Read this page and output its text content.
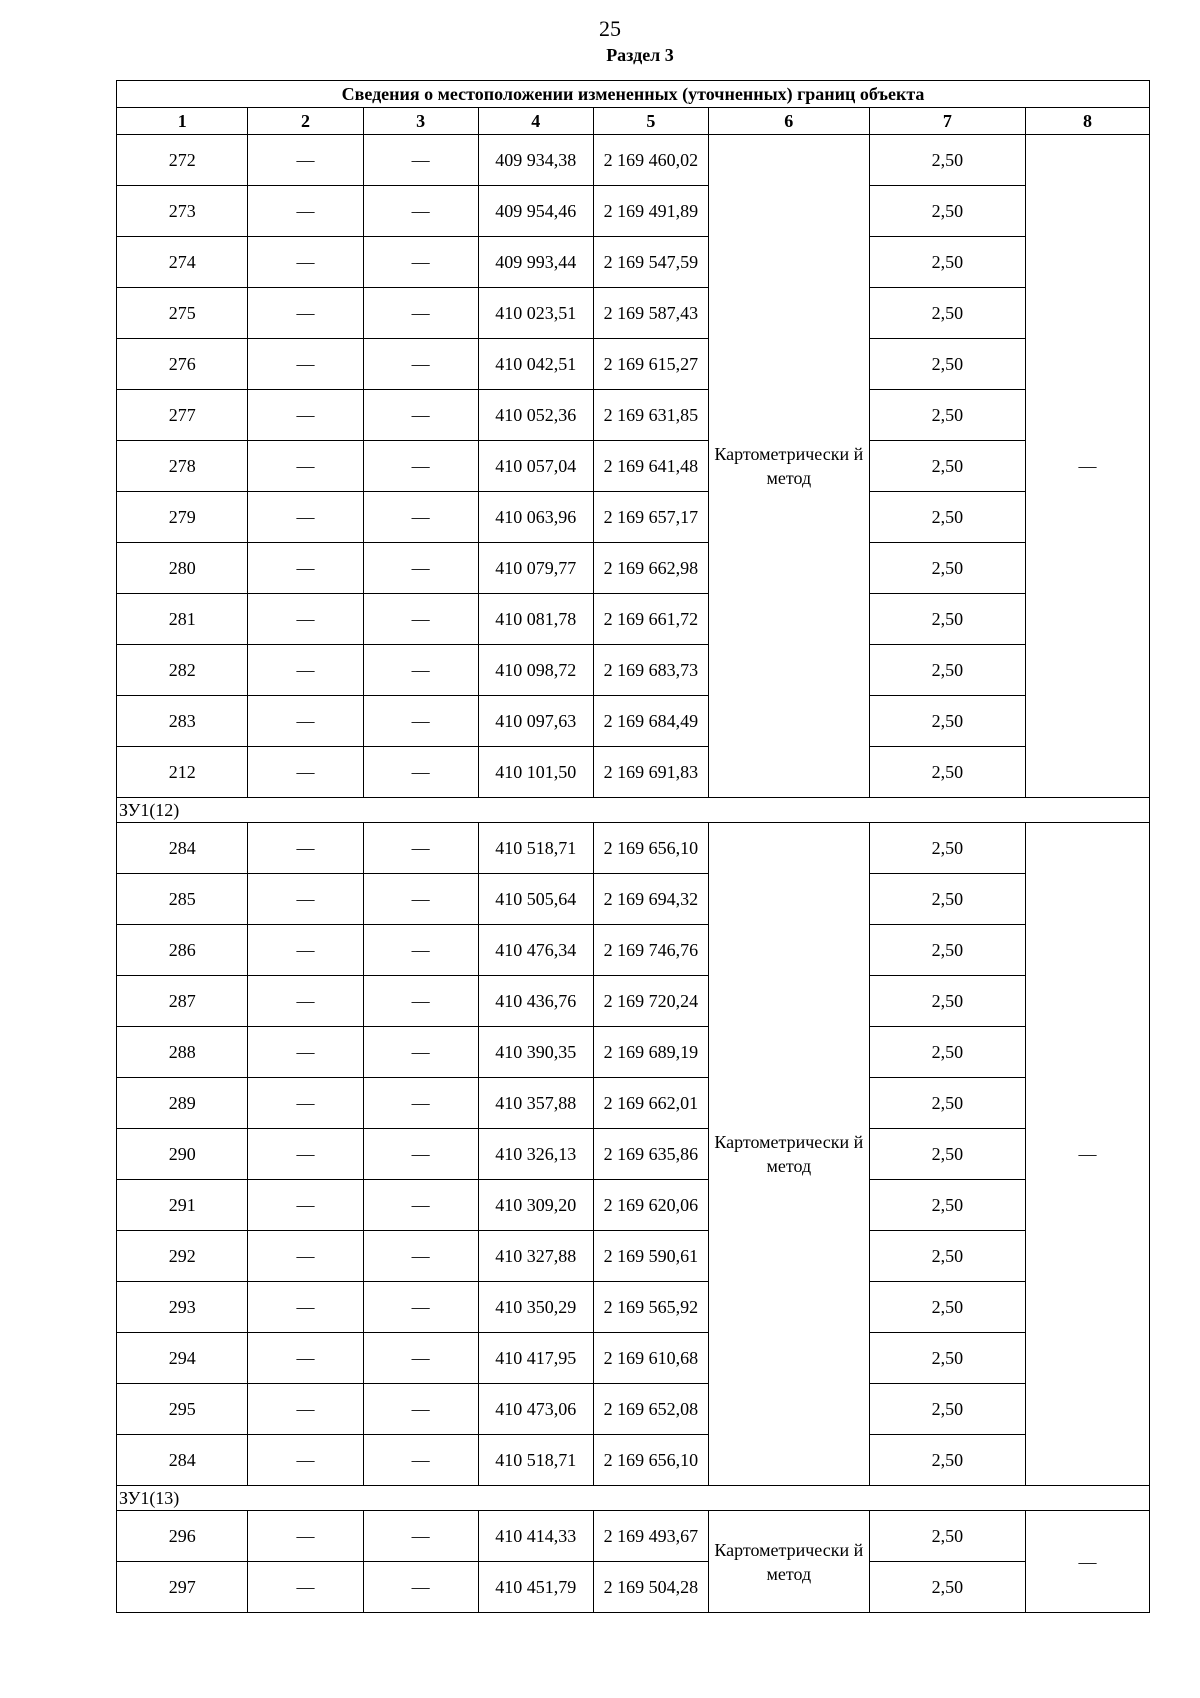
25
Раздел 3
Сведения о местоположении измененных (уточненных) границ объекта							
1	2	3	4	5	6	7	8
272	—	—	409 934,38	2 169 460,02	Картометрически й метод	2,50	—
273	—	—	409 954,46	2 169 491,89		2,50	
274	—	—	409 993,44	2 169 547,59		2,50	
275	—	—	410 023,51	2 169 587,43		2,50	
276	—	—	410 042,51	2 169 615,27		2,50	
277	—	—	410 052,36	2 169 631,85		2,50	
278	—	—	410 057,04	2 169 641,48		2,50	
279	—	—	410 063,96	2 169 657,17		2,50	
280	—	—	410 079,77	2 169 662,98		2,50	
281	—	—	410 081,78	2 169 661,72		2,50	
282	—	—	410 098,72	2 169 683,73		2,50	
283	—	—	410 097,63	2 169 684,49		2,50	
212	—	—	410 101,50	2 169 691,83		2,50	
ЗУ1(12)							
284	—	—	410 518,71	2 169 656,10	Картометрически й метод	2,50	—
285	—	—	410 505,64	2 169 694,32		2,50	
286	—	—	410 476,34	2 169 746,76		2,50	
287	—	—	410 436,76	2 169 720,24		2,50	
288	—	—	410 390,35	2 169 689,19		2,50	
289	—	—	410 357,88	2 169 662,01		2,50	
290	—	—	410 326,13	2 169 635,86		2,50	
291	—	—	410 309,20	2 169 620,06		2,50	
292	—	—	410 327,88	2 169 590,61		2,50	
293	—	—	410 350,29	2 169 565,92		2,50	
294	—	—	410 417,95	2 169 610,68		2,50	
295	—	—	410 473,06	2 169 652,08		2,50	
284	—	—	410 518,71	2 169 656,10		2,50	
ЗУ1(13)							
296	—	—	410 414,33	2 169 493,67	Картометрически й метод	2,50	—
297	—	—	410 451,79	2 169 504,28		2,50	
